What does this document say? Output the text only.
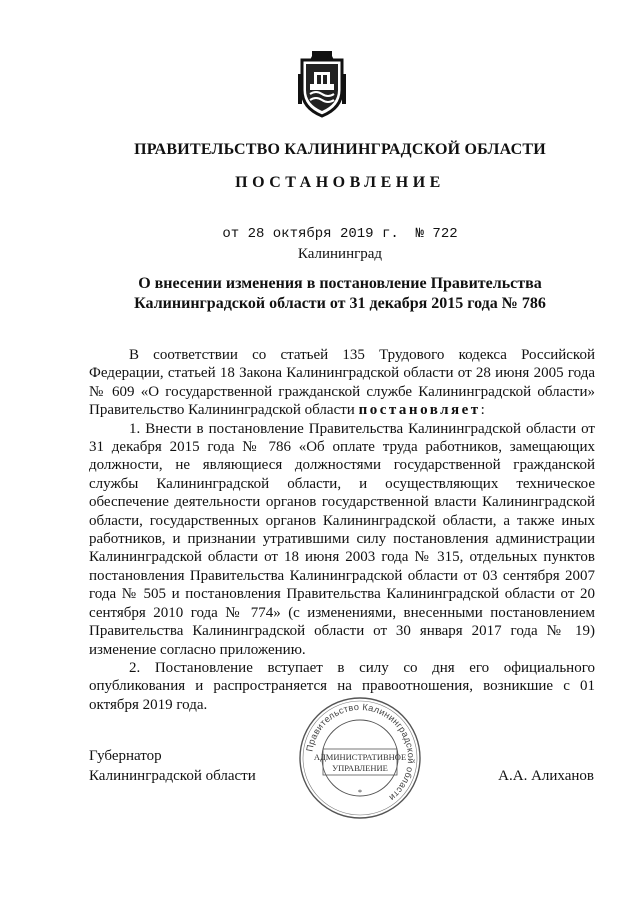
ПРАВИТЕЛЬСТВО КАЛИНИНГРАДСКОЙ ОБЛАСТИ
ПОСТАНОВЛЕНИЕ
от 28 октября 2019 г. № 722
Калининград
О внесении изменения в постановление Правительства
Калининградской области от 31 декабря 2015 года № 786

В соответствии со статьей 135 Трудового кодекса Российской Федерации, статьей 18 Закона Калининградской области от 28 июня 2005 года № 609 «О государственной гражданской службе Калининградской области» Правительство Калининградской области постановляет:

1. Внести в постановление Правительства Калининградской области от 31 декабря 2015 года № 786 «Об оплате труда работников, замещающих должности, не являющиеся должностями государственной гражданской службы Калининградской области, и осуществляющих техническое обеспечение деятельности органов государственной власти Калининградской области, государственных органов Калининградской области, а также иных работников, и признании утратившими силу постановления администрации Калининградской области от 18 июня 2003 года № 315, отдельных пунктов постановления Правительства Калининградской области от 03 сентября 2007 года № 505 и постановления Правительства Калининградской области от 20 сентября 2010 года № 774» (с изменениями, внесенными постановлением Правительства Калининградской области от 30 января 2017 года № 19) изменение согласно приложению.

2. Постановление вступает в силу со дня его официального опубликования и распространяется на правоотношения, возникшие с 01 октября 2019 года.

Губернатор
Калининградской области	А.А. Алиханов
Правительство Калининградской области
АДМИНИСТРАТИВНОЕ
УПРАВЛЕНИЕ
*
